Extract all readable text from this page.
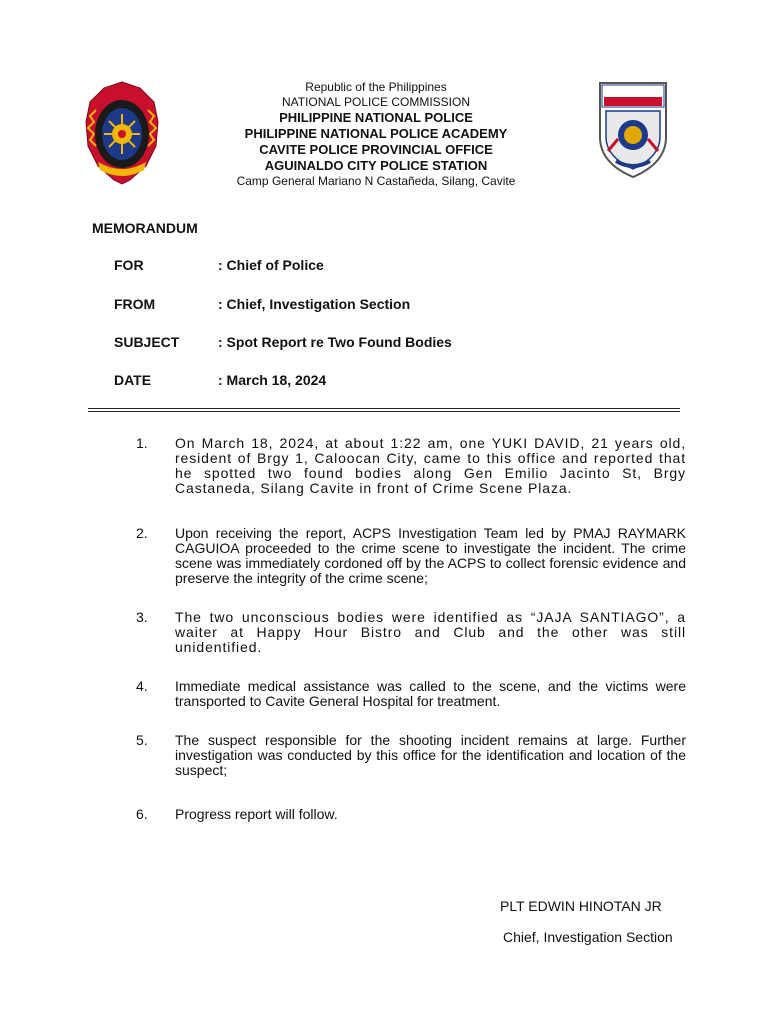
Republic of the Philippines
NATIONAL POLICE COMMISSION
PHILIPPINE NATIONAL POLICE
PHILIPPINE NATIONAL POLICE ACADEMY
CAVITE POLICE PROVINCIAL OFFICE
AGUINALDO CITY POLICE STATION
Camp General Mariano N Castañeda, Silang, Cavite
MEMORANDUM
FOR	: Chief of Police
FROM	: Chief, Investigation Section
SUBJECT	: Spot Report re Two Found Bodies
DATE	: March 18, 2024
1.	On March 18, 2024, at about 1:22 am, one YUKI DAVID, 21 years old, resident of Brgy 1, Caloocan City, came to this office and reported that he spotted two found bodies along Gen Emilio Jacinto St, Brgy Castaneda, Silang Cavite in front of Crime Scene Plaza.
2.	Upon receiving the report, ACPS Investigation Team led by PMAJ RAYMARK CAGUIOA proceeded to the crime scene to investigate the incident. The crime scene was immediately cordoned off by the ACPS to collect forensic evidence and preserve the integrity of the crime scene;
3.	The two unconscious bodies were identified as “JAJA SANTIAGO”, a waiter at Happy Hour Bistro and Club and the other was still unidentified.
4.	Immediate medical assistance was called to the scene, and the victims were transported to Cavite General Hospital for treatment.
5.	The suspect responsible for the shooting incident remains at large. Further investigation was conducted by this office for the identification and location of the suspect;
6.	Progress report will follow.
PLT EDWIN HINOTAN JR
Chief, Investigation Section
